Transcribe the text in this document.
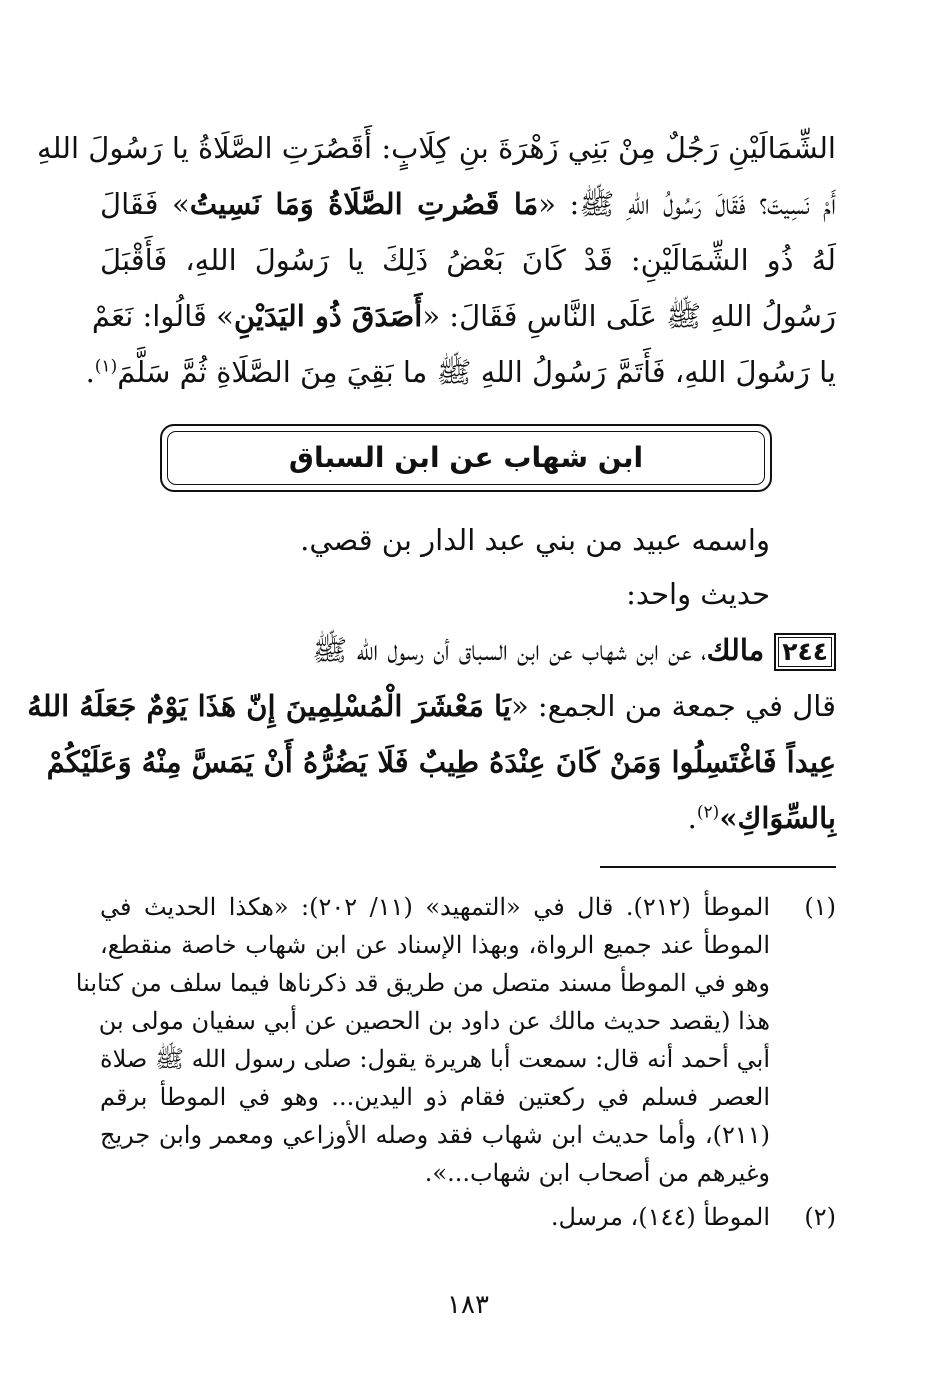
الشِّمَالَيْنِ رَجُلٌ مِنْ بَنِي زَهْرَةَ بنِ كِلَابٍ: أَقَصُرَتِ الصَّلَاةُ يا رَسُولَ اللهِ
أَمْ نَسِيتَ؟ فَقَالَ رَسُولُ اللهِ ﷺ: «مَا قَصُرتِ الصَّلَاةُ وَمَا نَسِيتُ» فَقَالَ
لَهُ ذُو الشِّمَالَيْنِ: قَدْ كَانَ بَعْضُ ذَلِكَ يا رَسُولَ اللهِ، فَأَقْبَلَ
رَسُولُ اللهِ ﷺ عَلَى النَّاسِ فَقَالَ: «أَصَدَقَ ذُو اليَدَيْنِ» قَالُوا: نَعَمْ
يا رَسُولَ اللهِ، فَأَتَمَّ رَسُولُ اللهِ ﷺ ما بَقِيَ مِنَ الصَّلَاةِ ثُمَّ سَلَّمَ$^{(١)}$.
ابن شهاب عن ابن السباق
واسمه عبيد من بني عبد الدار بن قصي.
حديث واحد:
٢٤٤مالك، عن ابن شهاب عن ابن السباق أن رسول الله ﷺ
قال في جمعة من الجمع: «يَا مَعْشَرَ الْمُسْلِمِينَ إِنّ هَذَا يَوْمٌ جَعَلَهُ اللهُ
عِيداً فَاغْتَسِلُوا وَمَنْ كَانَ عِنْدَهُ طِيبٌ فَلَا يَضُرُّهُ أَنْ يَمَسَّ مِنْهُ وَعَلَيْكُمْ
بِالسِّوَاكِ»$^{(٢)}$.
(١)
الموطأ (٢١٢). قال في «التمهيد» (١١/ ٢٠٢): «هكذا الحديث في
الموطأ عند جميع الرواة، وبهذا الإسناد عن ابن شهاب خاصة منقطع،
وهو في الموطأ مسند متصل من طريق قد ذكرناها فيما سلف من كتابنا
هذا (يقصد حديث مالك عن داود بن الحصين عن أبي سفيان مولى بن
أبي أحمد أنه قال: سمعت أبا هريرة يقول: صلى رسول الله ﷺ صلاة
العصر فسلم في ركعتين فقام ذو اليدين... وهو في الموطأ برقم
(٢١١)، وأما حديث ابن شهاب فقد وصله الأوزاعي ومعمر وابن جريج
وغيرهم من أصحاب ابن شهاب...».
(٢)
الموطأ (١٤٤)، مرسل.
١٨٣
